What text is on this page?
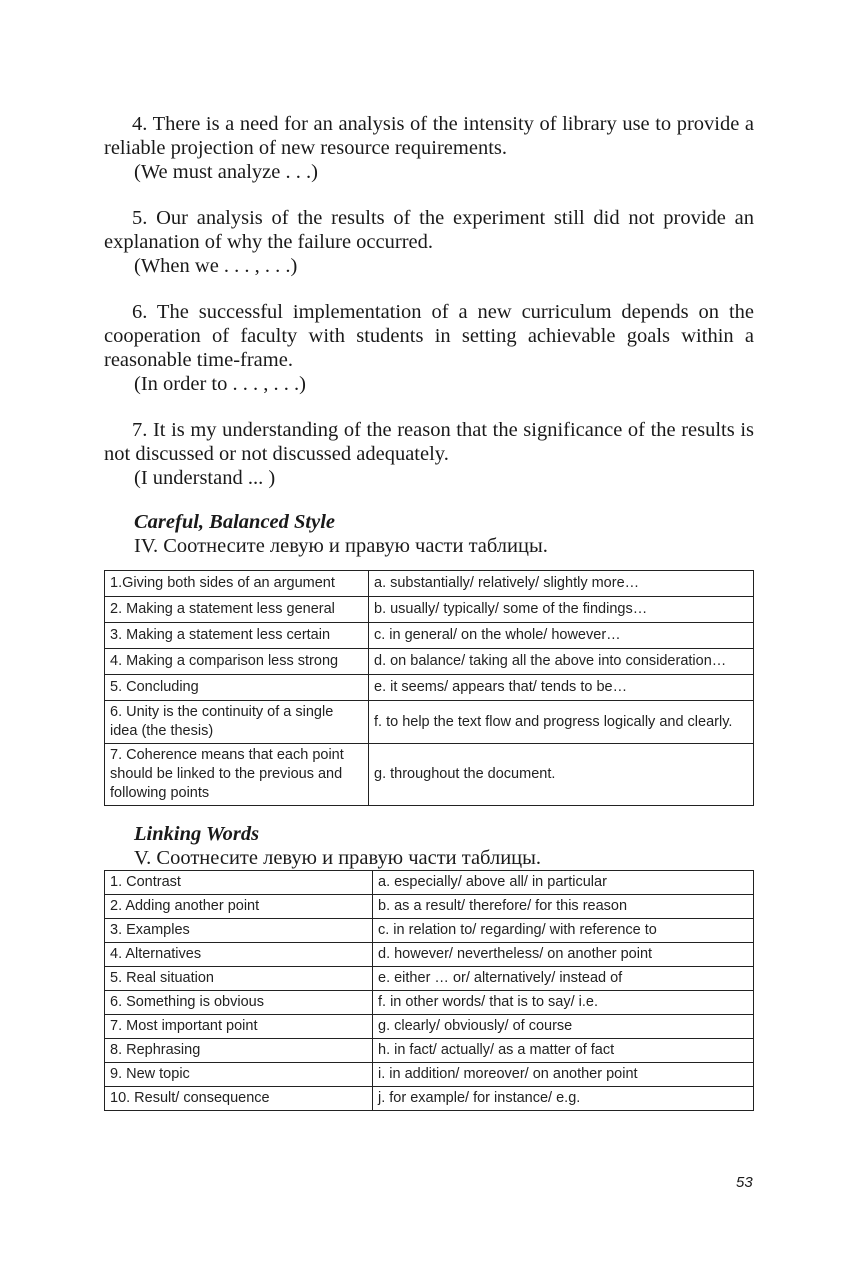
4. There is a need for an analysis of the intensity of library use to provide a reliable projection of new resource requirements.

(We must analyze . . .)

5. Our analysis of the results of the experiment still did not provide an explanation of why the failure occurred.

(When we . . . , . . .)

6. The successful implementation of a new curriculum depends on the cooperation of faculty with students in setting achievable goals within a reasonable time-frame.

(In order to . . . , . . .)

7. It is my understanding of the reason that the significance of the results is not discussed or not discussed adequately.

(I understand ... )

Careful, Balanced Style

IV. Соотнесите левую и правую части таблицы.

1.Giving both sides of an argument	a. substantially/ relatively/ slightly more…
2. Making a statement less general	b. usually/ typically/ some of the findings…
3. Making a statement less certain	c. in general/ on the whole/ however…
4. Making a comparison less strong	d. on balance/ taking all the above into consideration…
5. Concluding	e. it seems/ appears that/ tends to be…
6. Unity is the continuity of a single idea (the thesis)	f. to help the text flow and progress logically and clearly.
7. Coherence means that each point should be linked to the previous and following points	g. throughout the document.

Linking Words

V. Соотнесите левую и правую части таблицы.

1. Contrast	a. especially/ above all/ in particular
2. Adding another point	b. as a result/ therefore/ for this reason
3. Examples	c. in relation to/ regarding/ with reference to
4. Alternatives	d. however/ nevertheless/ on another point
5. Real situation	e. either … or/ alternatively/ instead of
6. Something is obvious	f. in other words/ that is to say/ i.e.
7. Most important point	g. clearly/ obviously/ of course
8. Rephrasing	h. in fact/ actually/ as a matter of fact
9. New topic	i. in addition/ moreover/ on another point
10. Result/ consequence	j. for example/ for instance/ e.g.
53
